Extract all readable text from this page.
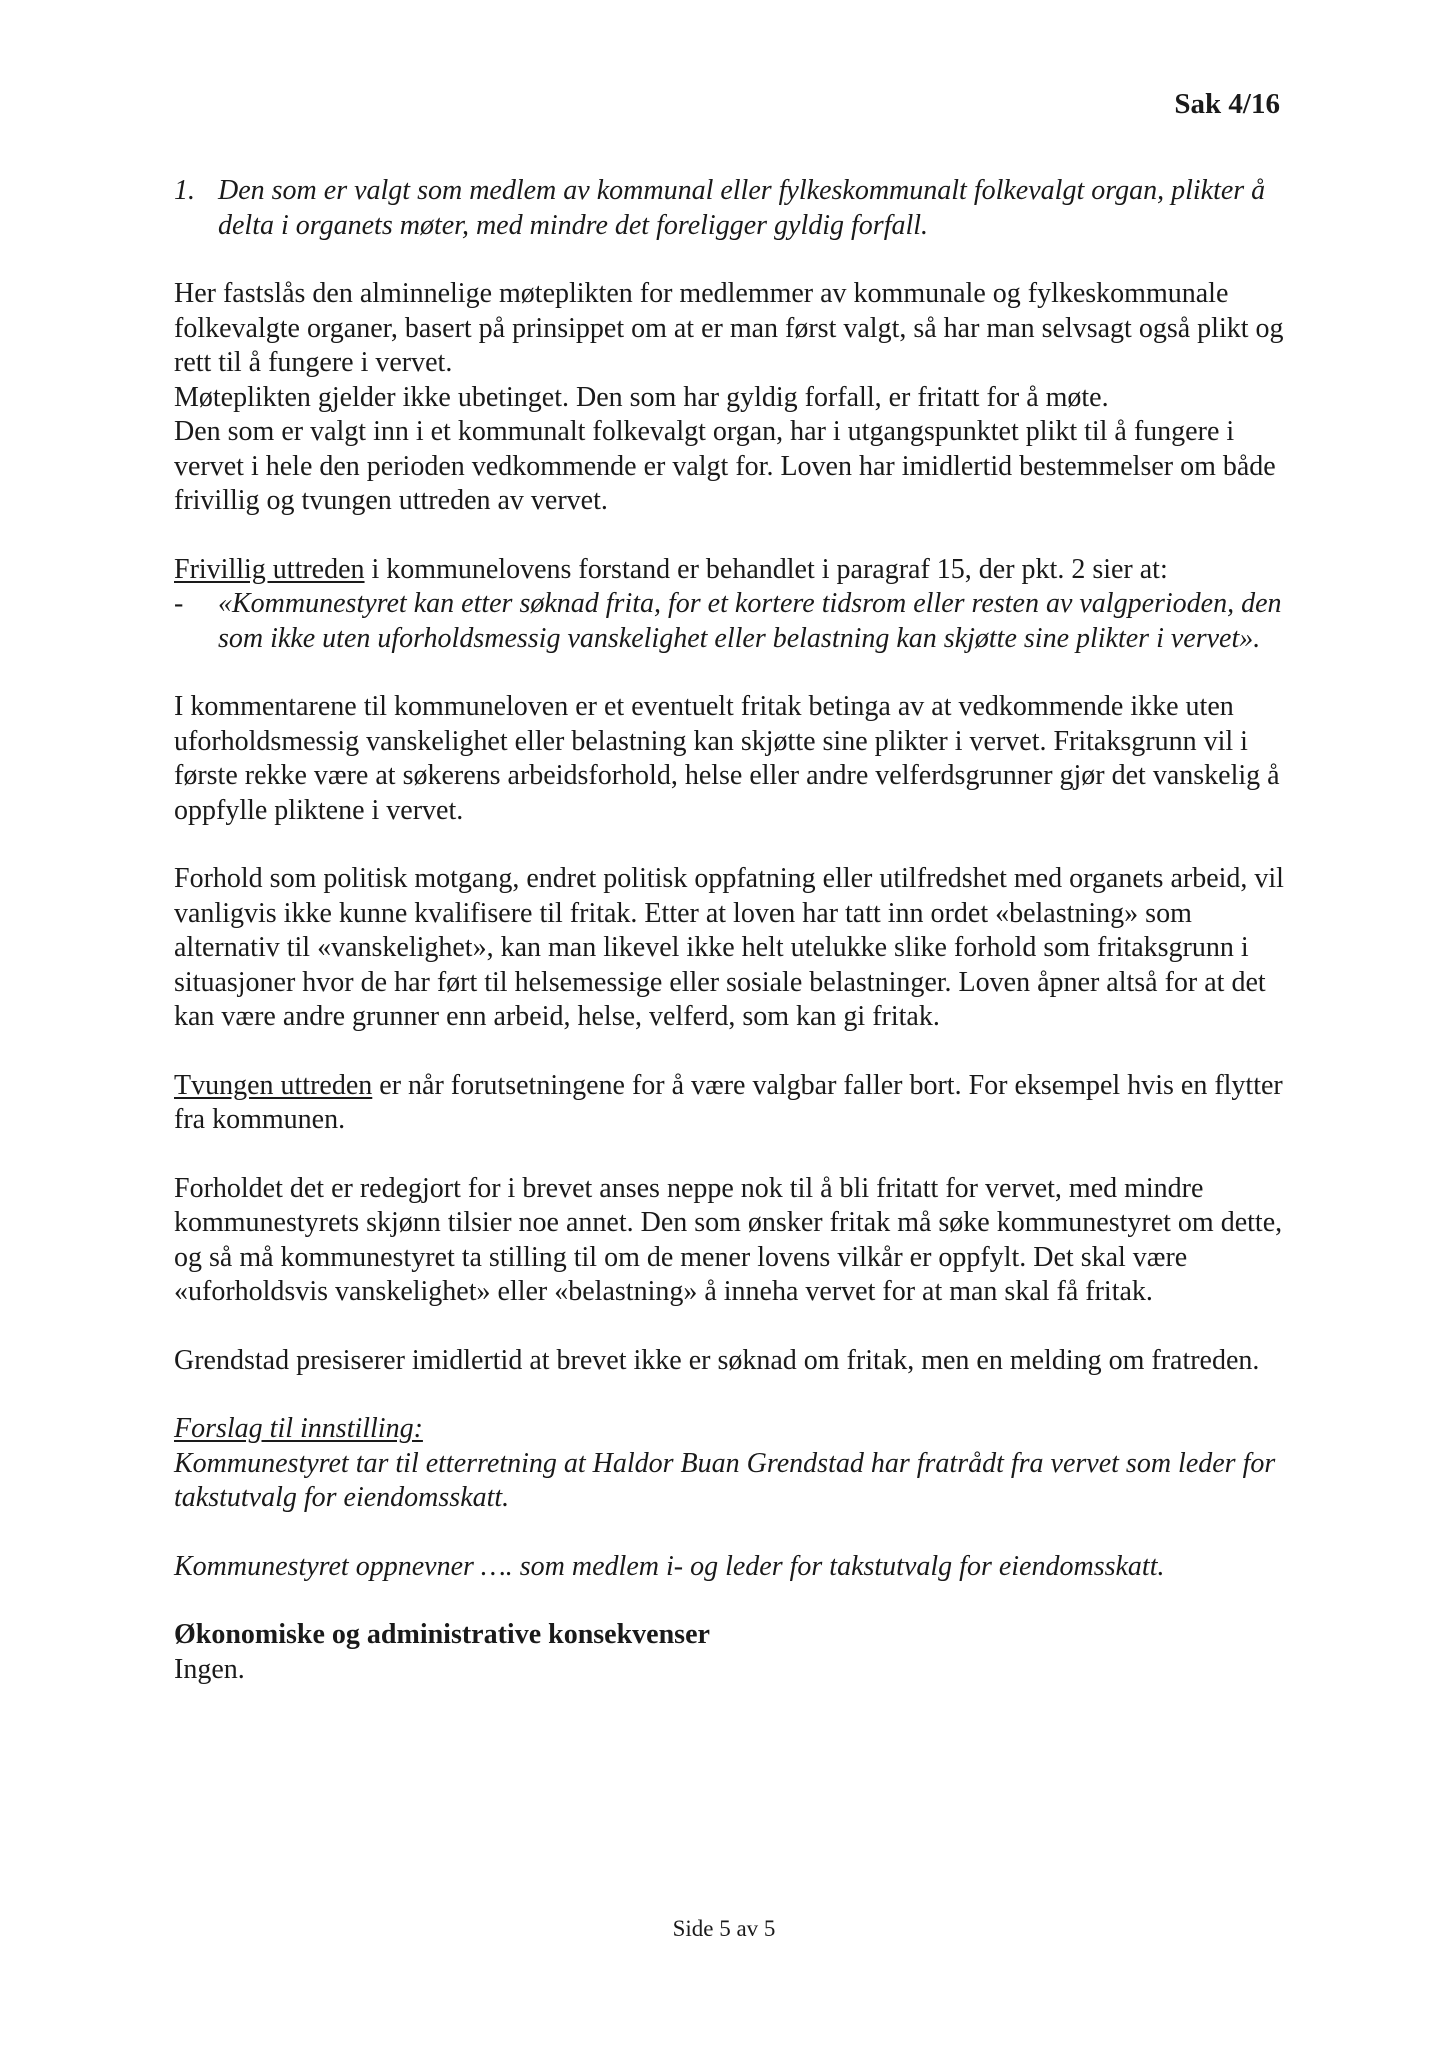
Sak 4/16
1. Den som er valgt som medlem av kommunal eller fylkeskommunalt folkevalgt organ, plikter å delta i organets møter, med mindre det foreligger gyldig forfall.

Her fastslås den alminnelige møteplikten for medlemmer av kommunale og fylkeskommunale folkevalgte organer, basert på prinsippet om at er man først valgt, så har man selvsagt også plikt og rett til å fungere i vervet.

Møteplikten gjelder ikke ubetinget. Den som har gyldig forfall, er fritatt for å møte.

Den som er valgt inn i et kommunalt folkevalgt organ, har i utgangspunktet plikt til å fungere i vervet i hele den perioden vedkommende er valgt for. Loven har imidlertid bestemmelser om både frivillig og tvungen uttreden av vervet.

Frivillig uttreden i kommunelovens forstand er behandlet i paragraf 15, der pkt. 2 sier at:

-	«Kommunestyret kan etter søknad frita, for et kortere tidsrom eller resten av valgperioden, den som ikke uten uforholdsmessig vanskelighet eller belastning kan skjøtte sine plikter i vervet».

I kommentarene til kommuneloven er et eventuelt fritak betinga av at vedkommende ikke uten uforholdsmessig vanskelighet eller belastning kan skjøtte sine plikter i vervet. Fritaksgrunn vil i første rekke være at søkerens arbeidsforhold, helse eller andre velferdsgrunner gjør det vanskelig å oppfylle pliktene i vervet.

Forhold som politisk motgang, endret politisk oppfatning eller utilfredshet med organets arbeid, vil vanligvis ikke kunne kvalifisere til fritak. Etter at loven har tatt inn ordet «belastning» som alternativ til «vanskelighet», kan man likevel ikke helt utelukke slike forhold som fritaksgrunn i situasjoner hvor de har ført til helsemessige eller sosiale belastninger. Loven åpner altså for at det kan være andre grunner enn arbeid, helse, velferd, som kan gi fritak.

Tvungen uttreden er når forutsetningene for å være valgbar faller bort. For eksempel hvis en flytter fra kommunen.

Forholdet det er redegjort for i brevet anses neppe nok til å bli fritatt for vervet, med mindre kommunestyrets skjønn tilsier noe annet. Den som ønsker fritak må søke kommunestyret om dette, og så må kommunestyret ta stilling til om de mener lovens vilkår er oppfylt. Det skal være «uforholdsvis vanskelighet» eller «belastning» å inneha vervet for at man skal få fritak.

Grendstad presiserer imidlertid at brevet ikke er søknad om fritak, men en melding om fratreden.

Forslag til innstilling:

Kommunestyret tar til etterretning at Haldor Buan Grendstad har fratrådt fra vervet som leder for takstutvalg for eiendomsskatt.

Kommunestyret oppnevner …. som medlem i- og leder for takstutvalg for eiendomsskatt.

Økonomiske og administrative konsekvenser

Ingen.

Side 5 av 5
